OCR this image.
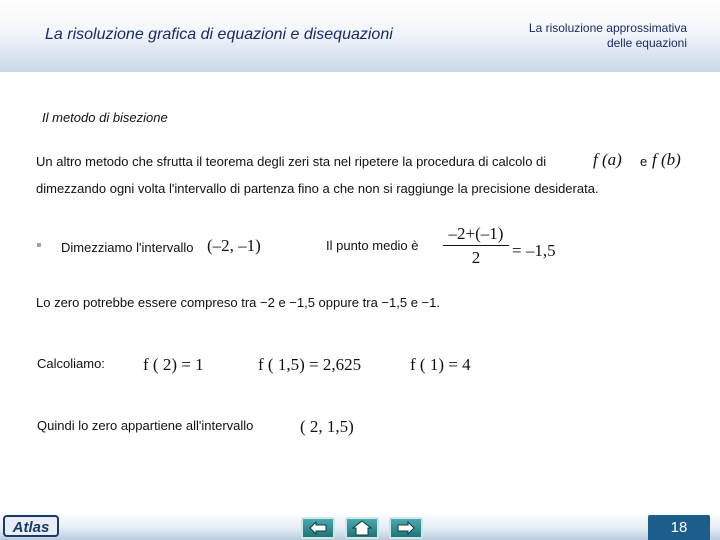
La risoluzione grafica di equazioni e disequazioni	La risoluzione approssimativa
delle equazioni
Il metodo di bisezione
Un altro metodo che sfrutta il teorema degli zeri sta nel ripetere la procedura di calcolo di	f (a) e f (b)
dimezzando ogni volta l'intervallo di partenza fino a che non si raggiunge la precisione desiderata.
Dimezziamo l'intervallo (–2, –1)	Il punto medio è
–2+(–1)
2	= –1,5
Lo zero potrebbe essere compreso tra −2 e −1,5 oppure tra −1,5 e −1.
Calcoliamo: f ( 2) = 1	f ( 1,5) = 2,625	f ( 1) = 4
Quindi lo zero appartiene all'intervallo	( 2, 1,5)
Atlas	18
